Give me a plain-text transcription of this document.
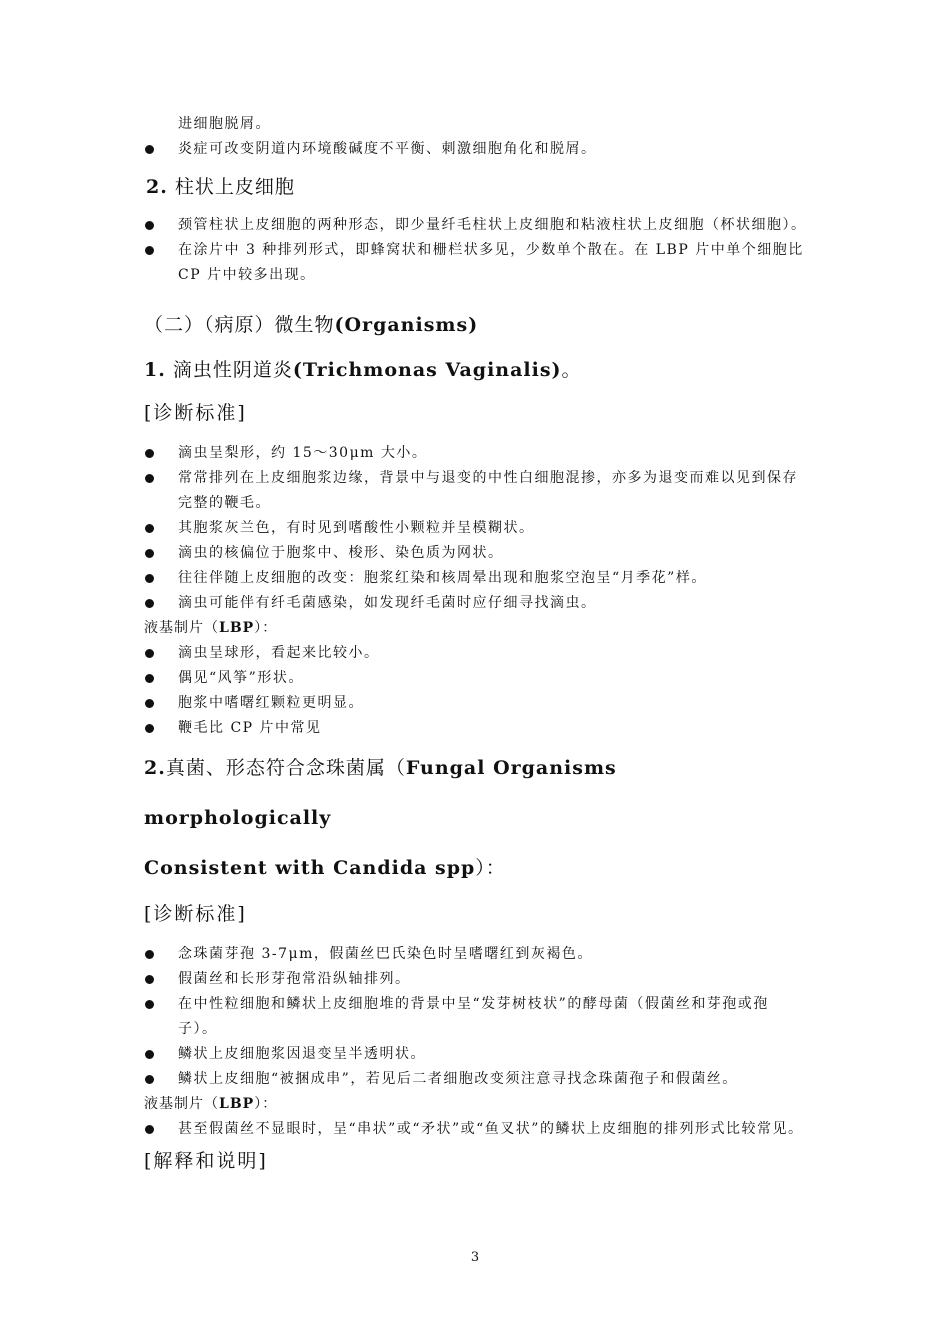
进细胞脱屑。
炎症可改变阴道内环境酸碱度不平衡、刺激细胞角化和脱屑。
2. 柱状上皮细胞
颈管柱状上皮细胞的两种形态，即少量纤毛柱状上皮细胞和粘液柱状上皮细胞（杯状细胞）。
在涂片中 3 种排列形式，即蜂窝状和栅栏状多见，少数单个散在。在 LBP 片中单个细胞比 CP 片中较多出现。
（二）（病原）微生物(Organisms)
1. 滴虫性阴道炎(Trichmonas Vaginalis)。
[诊断标准]
滴虫呈梨形，约 15～30μm 大小。
常常排列在上皮细胞浆边缘，背景中与退变的中性白细胞混掺，亦多为退变而难以见到保存完整的鞭毛。
其胞浆灰兰色，有时见到嗜酸性小颗粒并呈模糊状。
滴虫的核偏位于胞浆中、梭形、染色质为网状。
往往伴随上皮细胞的改变：胞浆红染和核周晕出现和胞浆空泡呈“月季花”样。
滴虫可能伴有纤毛菌感染，如发现纤毛菌时应仔细寻找滴虫。
液基制片（LBP）：
滴虫呈球形，看起来比较小。
偶见“风筝”形状。
胞浆中嗜曙红颗粒更明显。
鞭毛比 CP 片中常见
2.真菌、形态符合念珠菌属（Fungal Organisms morphologically
Consistent with Candida spp）：
[诊断标准]
念珠菌芽孢 3-7μm，假菌丝巴氏染色时呈嗜曙红到灰褐色。
假菌丝和长形芽孢常沿纵轴排列。
在中性粒细胞和鳞状上皮细胞堆的背景中呈“发芽树枝状”的酵母菌（假菌丝和芽孢或孢子）。
鳞状上皮细胞浆因退变呈半透明状。
鳞状上皮细胞“被捆成串”，若见后二者细胞改变须注意寻找念珠菌孢子和假菌丝。
液基制片（LBP）：
甚至假菌丝不显眼时，呈“串状”或“矛状”或“鱼叉状”的鳞状上皮细胞的排列形式比较常见。
[解释和说明]
3
